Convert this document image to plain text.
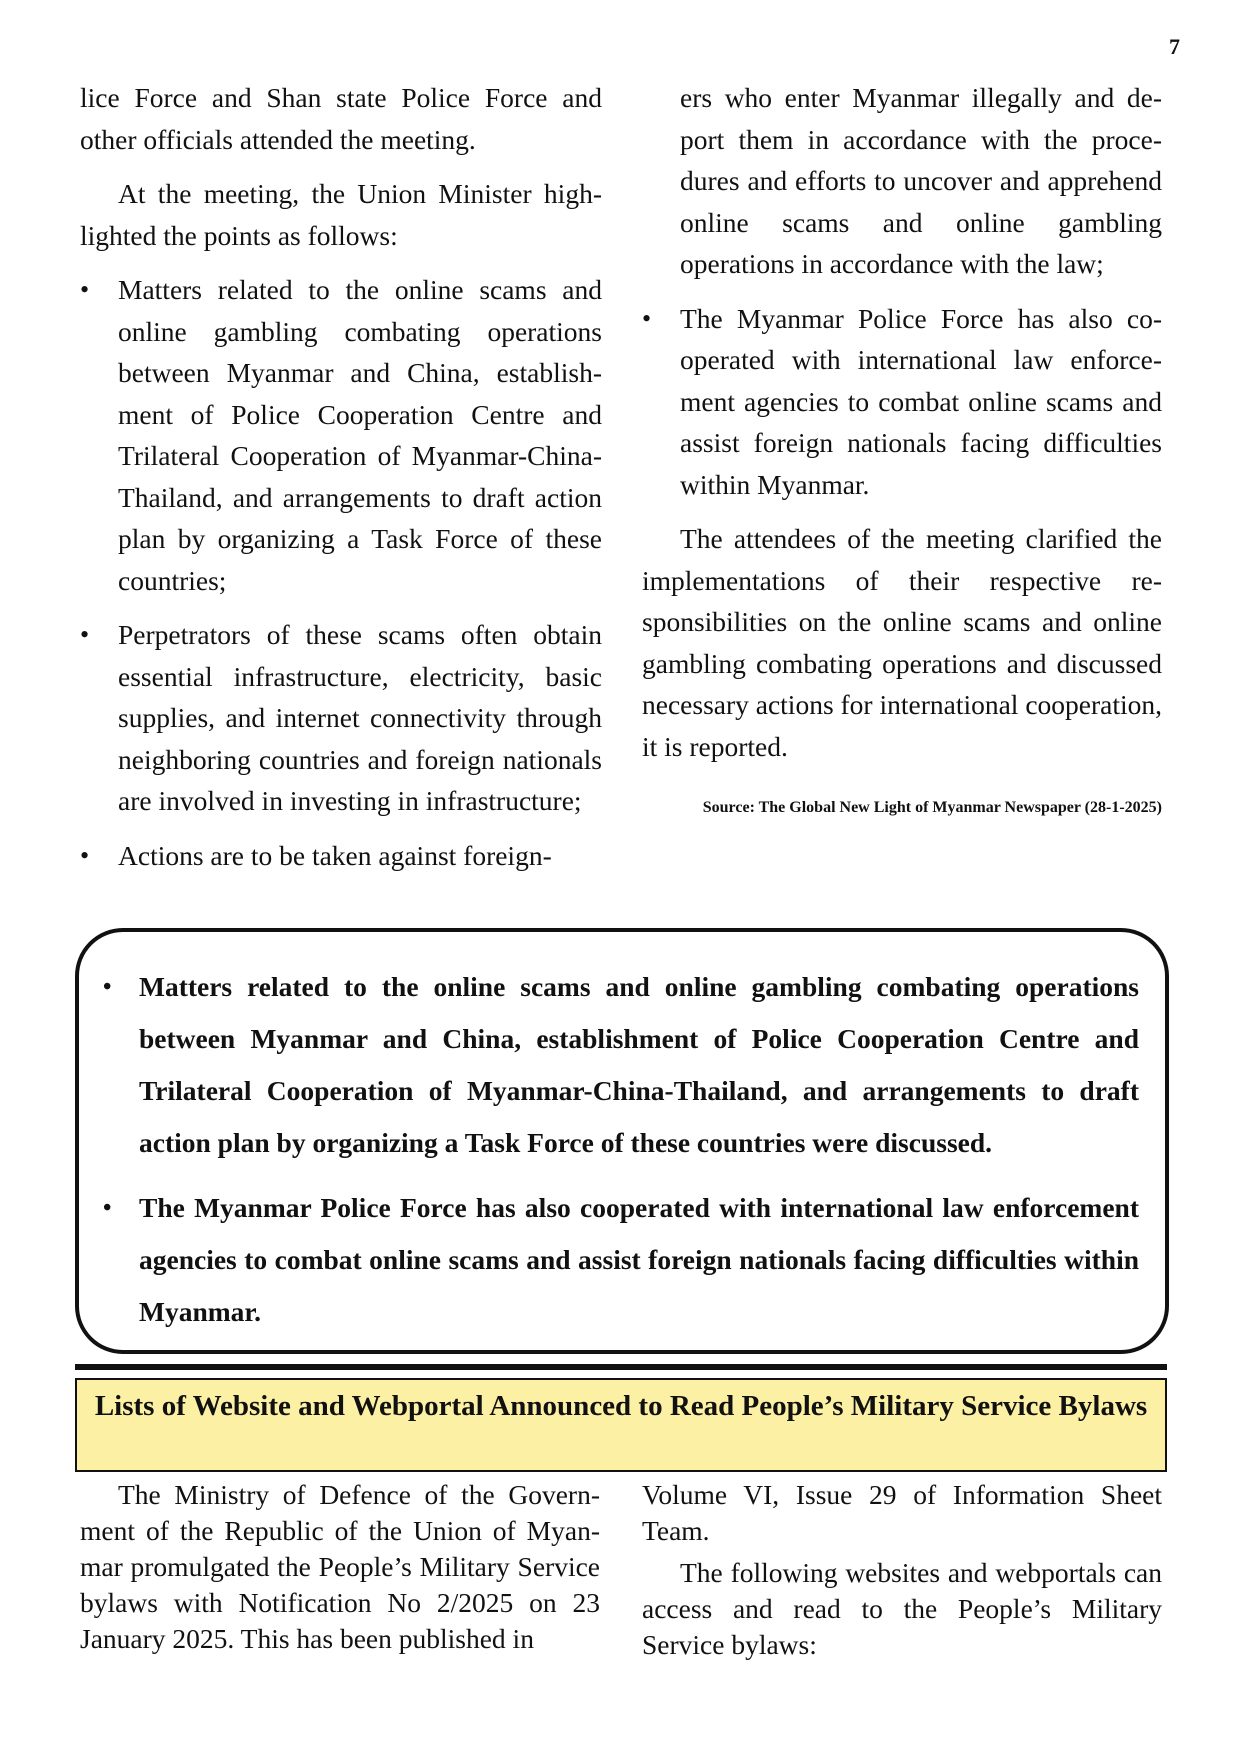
7

lice Force and Shan state Police Force and other officials attended the meeting.

At the meeting, the Union Minister highlighted the points as follows:

• Matters related to the online scams and online gambling combating operations between Myanmar and China, establishment of Police Cooperation Centre and Trilateral Cooperation of Myanmar-China-Thailand, and arrangements to draft action plan by organizing a Task Force of these countries;
• Perpetrators of these scams often obtain essential infrastructure, electricity, basic supplies, and internet connectivity through neighboring countries and foreign nationals are involved in investing in infrastructure;
• Actions are to be taken against foreign-

ers who enter Myanmar illegally and deport them in accordance with the procedures and efforts to uncover and apprehend online scams and online gambling operations in accordance with the law;

• The Myanmar Police Force has also cooperated with international law enforcement agencies to combat online scams and assist foreign nationals facing difficulties within Myanmar.

The attendees of the meeting clarified the implementations of their respective responsibilities on the online scams and online gambling combating operations and discussed necessary actions for international cooperation, it is reported.

Source: The Global New Light of Myanmar Newspaper (28-1-2025)
• Matters related to the online scams and online gambling combating operations between Myanmar and China, establishment of Police Cooperation Centre and Trilateral Cooperation of Myanmar-China-Thailand, and arrangements to draft action plan by organizing a Task Force of these countries were discussed.
• The Myanmar Police Force has also cooperated with international law enforcement agencies to combat online scams and assist foreign nationals facing difficulties within Myanmar.
Lists of Website and Webportal Announced to Read People’s Military Service Bylaws

The Ministry of Defence of the Government of the Republic of the Union of Myanmar promulgated the People’s Military Service bylaws with Notification No 2/2025 on 23 January 2025. This has been published in

Volume VI, Issue 29 of Information Sheet Team.

The following websites and webportals can access and read to the People’s Military Service bylaws:
